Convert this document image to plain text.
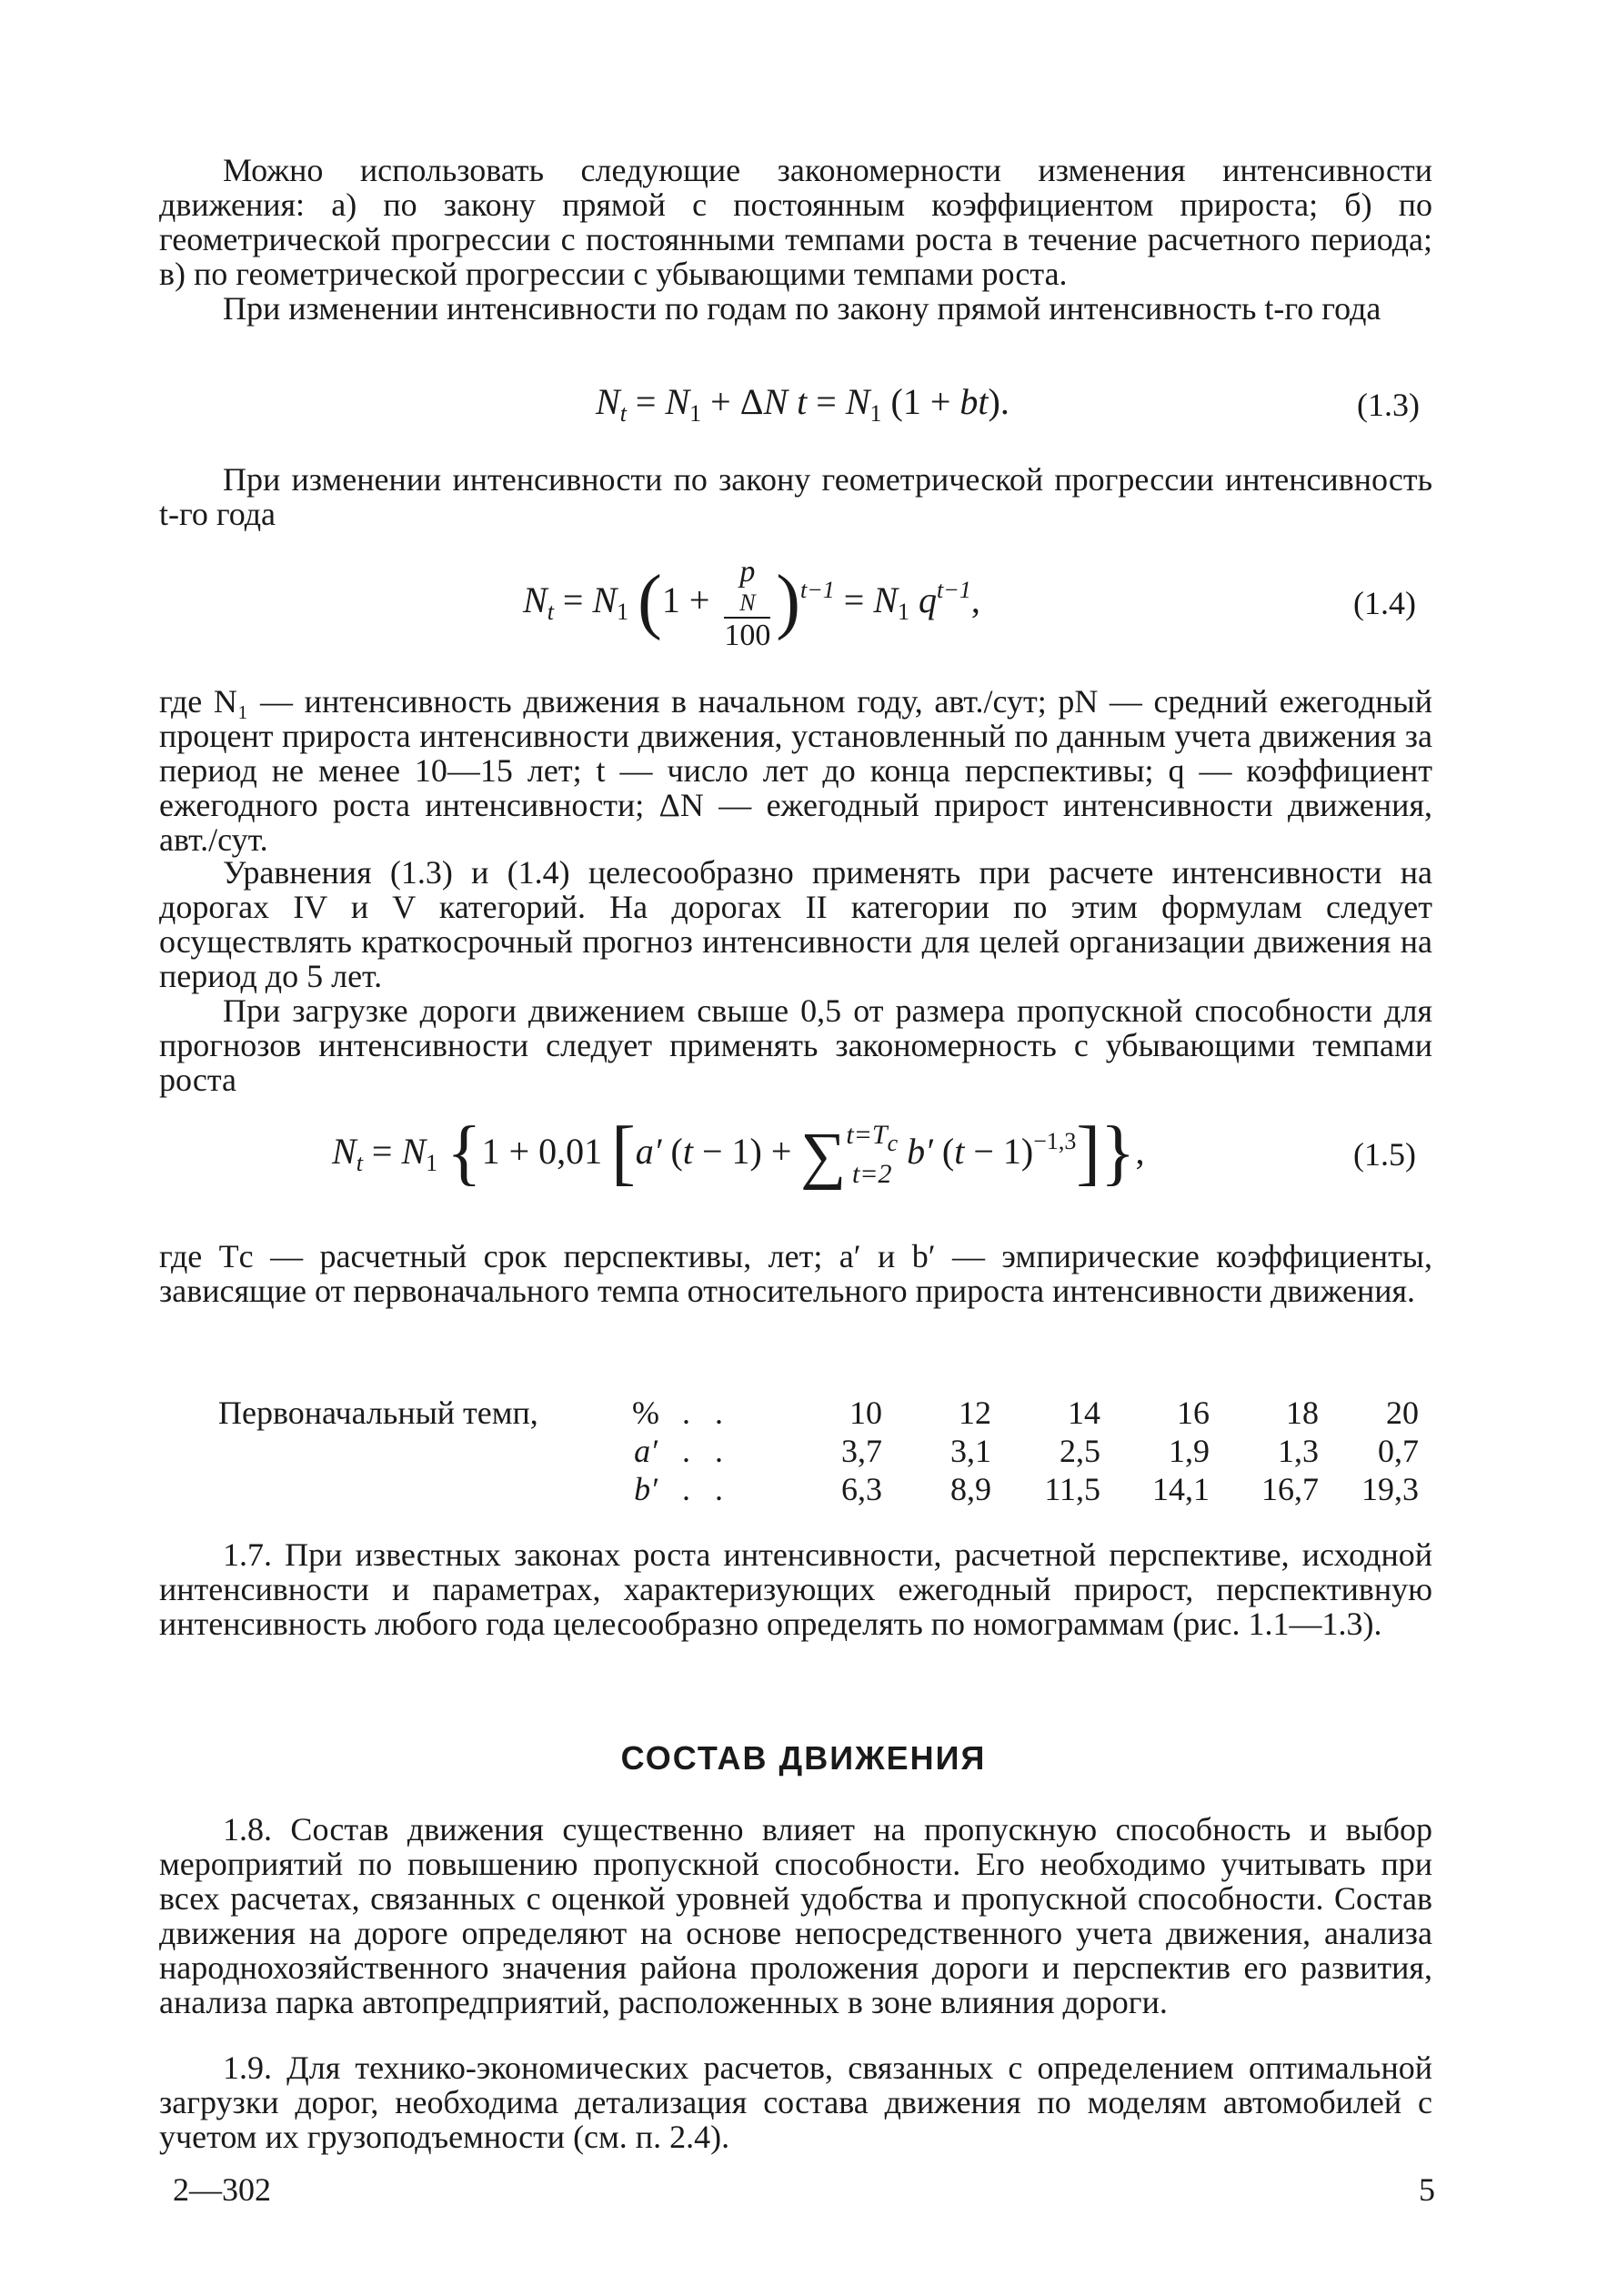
Можно использовать следующие закономерности изменения интенсивности движения: а) по закону прямой с постоянным коэффициентом прироста; б) по геометрической прогрессии с постоянными темпами роста в течение расчетного периода; в) по геометрической прогрессии с убывающими темпами роста.
При изменении интенсивности по годам по закону прямой интенсивность t-го года
$N_t = N_1 + \Delta N$ $t = N_1$ (1 + bt).	(1.3)
При изменении интенсивности по закону геометрической прогрессии интенсивность t-го года
$N_t = N_1$ (1 + p
N
100 )$^{t-1} = N_1$ $q^{t-1}$,	(1.4)
где N₁ — интенсивность движения в начальном году, авт./сут; pN — средний ежегодный процент прироста интенсивности движения, установленный по данным учета движения за период не менее 10—15 лет; t — число лет до конца перспективы; q — коэффициент ежегодного роста интенсивности; ΔN — ежегодный прирост интенсивности движения, авт./сут.
Уравнения (1.3) и (1.4) целесообразно применять при расчете интенсивности на дорогах IV и V категорий. На дорогах II категории по этим формулам следует осуществлять краткосрочный прогноз интенсивности для целей организации движения на период до 5 лет.
При загрузке дороги движением свыше 0,5 от размера пропускной способности для прогнозов интенсивности следует применять закономерность с убывающими темпами роста
$N_t = N_1$ {1 + 0,01 [a′ (t − 1) + ∑ t=Tc
t=2
b′ $(t - 1)^{-1,3}$]},	(1.5)
где Tс — расчетный срок перспективы, лет; a′ и b′ — эмпирические коэффициенты, зависящие от первоначального темпа относительного прироста интенсивности движения.
Первоначальный темп,	%	.   .	10	12	14	16	18	20
	a′	.   .	3,7	3,1	2,5	1,9	1,3	0,7
	b′	.   .	6,3	8,9	11,5	14,1	16,7	19,3
1.7. При известных законах роста интенсивности, расчетной перспективе, исходной интенсивности и параметрах, характеризующих ежегодный прирост, перспективную интенсивность любого года целесообразно определять по номограммам (рис. 1.1—1.3).
СОСТАВ ДВИЖЕНИЯ
1.8. Состав движения существенно влияет на пропускную способность и выбор мероприятий по повышению пропускной способности. Его необходимо учитывать при всех расчетах, связанных с оценкой уровней удобства и пропускной способности. Состав движения на дороге определяют на основе непосредственного учета движения, анализа народнохозяйственного значения района проложения дороги и перспектив его развития, анализа парка автопредприятий, расположенных в зоне влияния дороги.
1.9. Для технико-экономических расчетов, связанных с определением оптимальной загрузки дорог, необходима детализация состава движения по моделям автомобилей с учетом их грузоподъемности (см. п. 2.4).
2—302	5
